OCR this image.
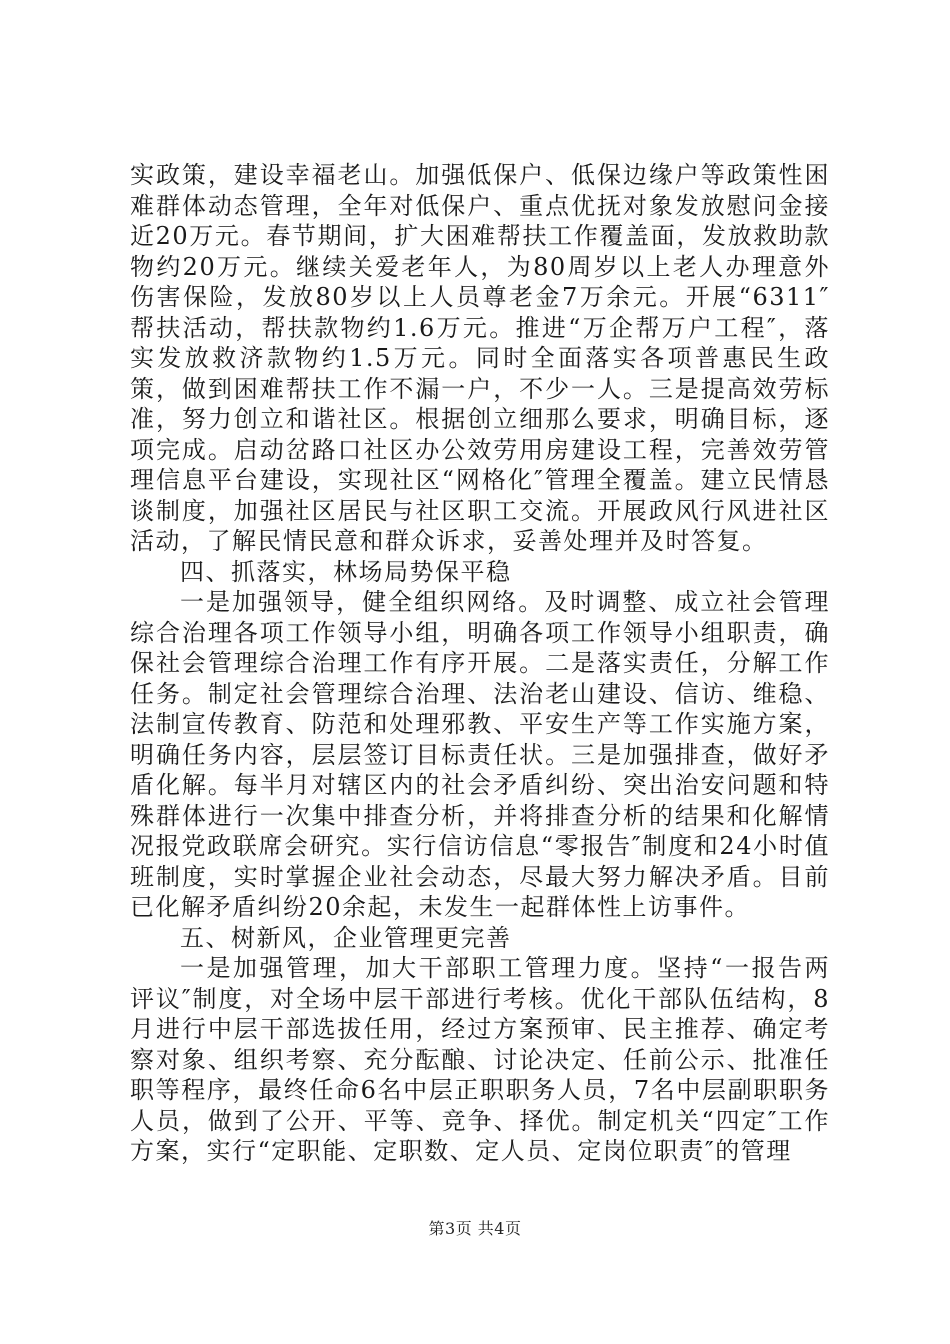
实政策，建设幸福老山。加强低保户、低保边缘户等政策性困难群体动态管理，全年对低保户、重点优抚对象发放慰问金接近20万元。春节期间，扩大困难帮扶工作覆盖面，发放救助款物约20万元。继续关爱老年人，为80周岁以上老人办理意外伤害保险，发放80岁以上人员尊老金7万余元。开展“6311″帮扶活动，帮扶款物约1.6万元。推进“万企帮万户工程″，落实发放救济款物约1.5万元。同时全面落实各项普惠民生政策，做到困难帮扶工作不漏一户，不少一人。三是提高效劳标准，努力创立和谐社区。根据创立细那么要求，明确目标，逐项完成。启动岔路口社区办公效劳用房建设工程，完善效劳管理信息平台建设，实现社区“网格化″管理全覆盖。建立民情恳谈制度，加强社区居民与社区职工交流。开展政风行风进社区活动，了解民情民意和群众诉求，妥善处理并及时答复。

四、抓落实，林场局势保平稳

一是加强领导，健全组织网络。及时调整、成立社会管理综合治理各项工作领导小组，明确各项工作领导小组职责，确保社会管理综合治理工作有序开展。二是落实责任，分解工作任务。制定社会管理综合治理、法治老山建设、信访、维稳、法制宣传教育、防范和处理邪教、平安生产等工作实施方案，明确任务内容，层层签订目标责任状。三是加强排查，做好矛盾化解。每半月对辖区内的社会矛盾纠纷、突出治安问题和特殊群体进行一次集中排查分析，并将排查分析的结果和化解情况报党政联席会研究。实行信访信息“零报告″制度和24小时值班制度，实时掌握企业社会动态，尽最大努力解决矛盾。目前已化解矛盾纠纷20余起，未发生一起群体性上访事件。

五、树新风，企业管理更完善

一是加强管理，加大干部职工管理力度。坚持“一报告两评议″制度，对全场中层干部进行考核。优化干部队伍结构，8月进行中层干部选拔任用，经过方案预审、民主推荐、确定考察对象、组织考察、充分酝酿、讨论决定、任前公示、批准任职等程序，最终任命6名中层正职职务人员，7名中层副职职务人员，做到了公开、平等、竞争、择优。制定机关“四定″工作方案，实行“定职能、定职数、定人员、定岗位职责″的管理

第3页 共4页
